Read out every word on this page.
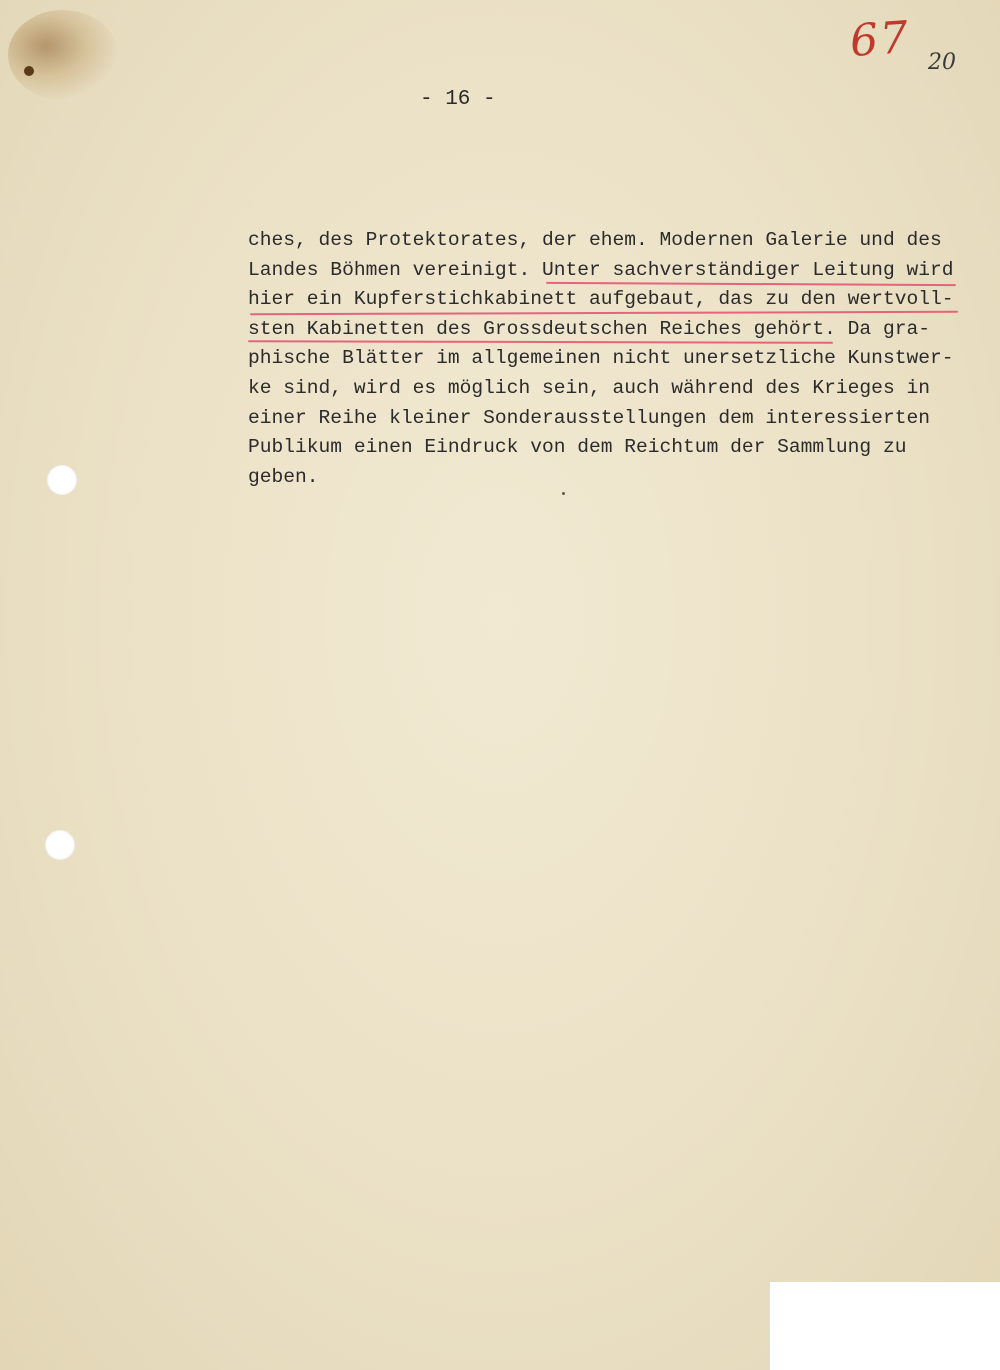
67 20
- 16 -
ches, des Protektorates, der ehem. Modernen Galerie und des
Landes Böhmen vereinigt. Unter sachverständiger Leitung wird
hier ein Kupferstichkabinett aufgebaut, das zu den wertvoll-
sten Kabinetten des Grossdeutschen Reiches gehört. Da gra-
phische Blätter im allgemeinen nicht unersetzliche Kunstwer-
ke sind, wird es möglich sein, auch während des Krieges in
einer Reihe kleiner Sonderausstellungen dem interessierten
Publikum einen Eindruck von dem Reichtum der Sammlung zu
geben.
